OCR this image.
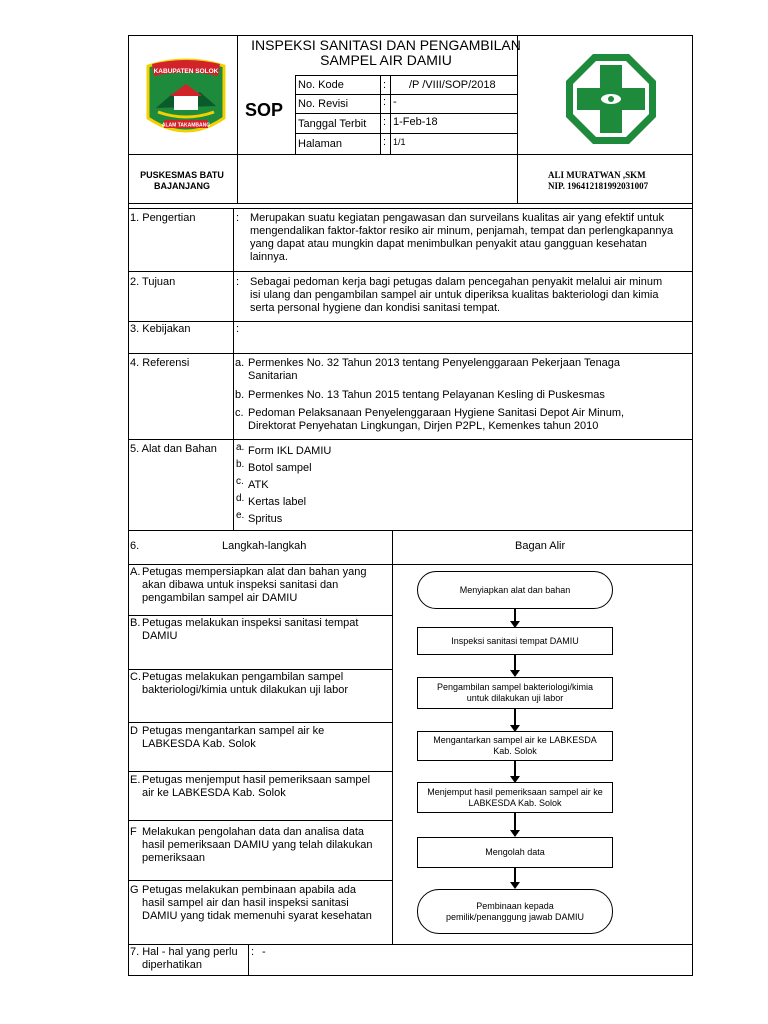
KABUPATEN SOLOK
ALAM TAKAMBANG
INSPEKSI SANITASI DAN PENGAMBILAN
SAMPEL AIR DAMIU
SOP
No. Kode	: /P /VIII/SOP/2018
No. Revisi	: -
Tanggal Terbit : 1-Feb-18
Halaman	: 1/1
PUSKESMAS BATU
BAJANJANG
ALI MURATWAN ,SKM
NIP. 196412181992031007
1. Pengertian	: Merupakan suatu kegiatan pengawasan dan surveilans kualitas air yang efektif untuk
mengendalikan faktor-faktor resiko air minum, penjamah, tempat dan perlengkapannya
yang dapat atau mungkin dapat menimbulkan penyakit atau gangguan kesehatan
lainnya.
2. Tujuan	: Sebagai pedoman kerja bagi petugas dalam pencegahan penyakit melalui air minum
isi ulang dan pengambilan sampel air untuk diperiksa kualitas bakteriologi dan kimia
serta personal hygiene dan kondisi sanitasi tempat.
3. Kebijakan	:
4. Referensi	a. Permenkes No. 32 Tahun 2013 tentang Penyelenggaraan Pekerjaan Tenaga
Sanitarian
b. Permenkes No. 13 Tahun 2015 tentang Pelayanan Kesling di Puskesmas
c. Pedoman Pelaksanaan Penyelenggaraan Hygiene Sanitasi Depot Air Minum,
Direktorat Penyehatan Lingkungan, Dirjen P2PL, Kemenkes tahun 2010
5. Alat dan Bahan a. Form IKL DAMIU
b. Botol sampel
c. ATK
d. Kertas label
e. Spritus
6.	Langkah-langkah	Bagan Alir
A. Petugas mempersiapkan alat dan bahan yang
akan dibawa untuk inspeksi sanitasi dan
pengambilan sampel air DAMIU
B. Petugas melakukan inspeksi sanitasi tempat
DAMIU
C. Petugas melakukan pengambilan sampel
bakteriologi/kimia untuk dilakukan uji labor
D Petugas mengantarkan sampel air ke
LABKESDA Kab. Solok
E. Petugas menjemput hasil pemeriksaan sampel
air ke LABKESDA Kab. Solok
F Melakukan pengolahan data dan analisa data
hasil pemeriksaan DAMIU yang telah dilakukan
pemeriksaan
G Petugas melakukan pembinaan apabila ada
hasil sampel air dan hasil inspeksi sanitasi
DAMIU yang tidak memenuhi syarat kesehatan
Menyiapkan alat dan bahan
Inspeksi sanitasi tempat DAMIU
Pengambilan sampel bakteriologi/kimia
untuk dilakukan uji labor
Mengantarkan sampel air ke LABKESDA
Kab. Solok
Menjemput hasil pemeriksaan sampel air ke
LABKESDA Kab. Solok
Mengolah data
Pembinaan kepada
pemilik/penanggung jawab DAMIU
7. Hal - hal yang perlu
diperhatikan
: -
